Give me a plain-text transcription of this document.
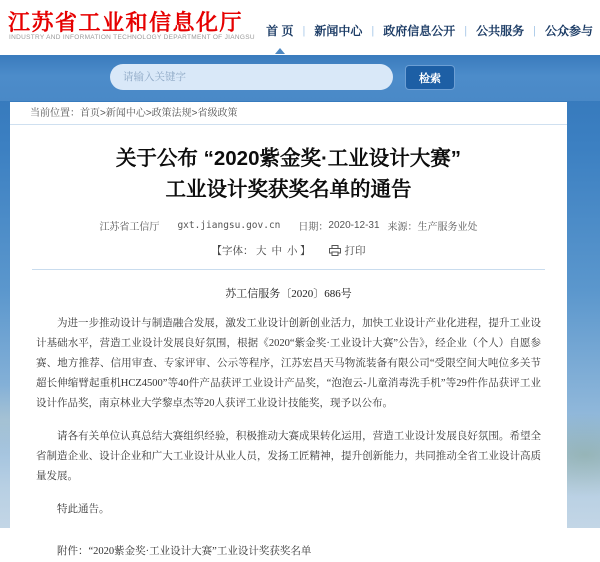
江苏省工业和信息化厅
INDUSTRY AND INFORMATION TECHNOLOGY DEPARTMENT OF JIANGSU 首 页 | 新闻中心 | 政府信息公开 | 公共服务 | 公众参与
请输入关键字
检索
当前位置：首页>新闻中心>政策法规>省级政策
关于公布 “2020紫金奖·工业设计大赛”
工业设计奖获奖名单的通告
江苏省工信厅 gxt.jiangsu.gov.cn 日期： 2020-12-31 来源： 生产服务业处
【字体： 大 中 小 】	打印
苏工信服务〔2020〕686号

为进一步推动设计与制造融合发展，激发工业设计创新创业活力，加快工业设计产业化进程，提升工业设计基础水平，营造工业设计发展良好氛围，根据《2020“紫金奖·工业设计大赛”公告》，经企业（个人）自愿参赛、地方推荐、信用审查、专家评审、公示等程序，江苏宏昌天马物流装备有限公司“受限空间大吨位多关节超长伸缩臂起重机HCZ4500”等40件产品获评工业设计产品奖，“泡泡云-儿童消毒洗手机”等29件作品获评工业设计作品奖，南京林业大学黎卓杰等20人获评工业设计技能奖，现予以公布。

请各有关单位认真总结大赛组织经验，积极推动大赛成果转化运用，营造工业设计发展良好氛围。希望全省制造企业、设计企业和广大工业设计从业人员，发扬工匠精神，提升创新能力，共同推动全省工业设计高质量发展。

特此通告。

附件：“2020紫金奖·工业设计大赛”工业设计奖获奖名单
